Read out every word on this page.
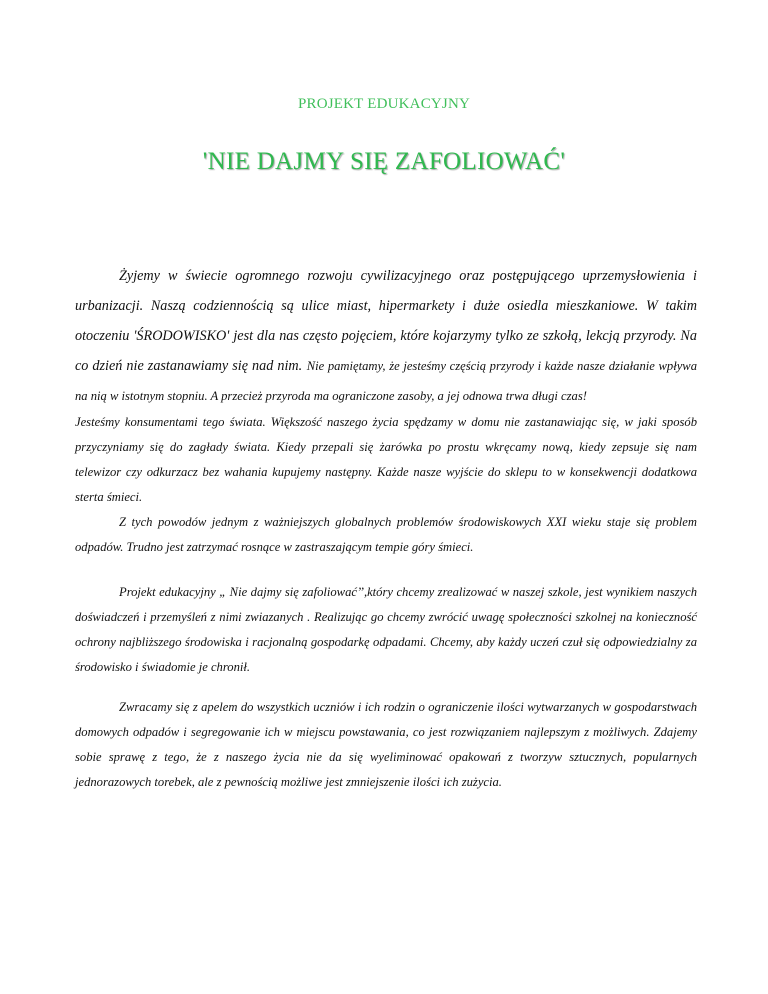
PROJEKT EDUKACYJNY
'NIE DAJMY SIĘ ZAFOLIOWAĆ'

Żyjemy w świecie ogromnego rozwoju cywilizacyjnego oraz postępującego uprzemysłowienia i urbanizacji. Naszą codziennością są ulice miast, hipermarkety i duże osiedla mieszkaniowe. W takim otoczeniu 'ŚRODOWISKO' jest dla nas często pojęciem, które kojarzymy tylko ze szkołą, lekcją przyrody. Na co dzień nie zastanawiamy się nad nim. Nie pamiętamy, że jesteśmy częścią przyrody i każde nasze działanie wpływa na nią w istotnym stopniu. A przecież przyroda ma ograniczone zasoby, a jej odnowa trwa długi czas!

Jesteśmy konsumentami tego świata. Większość naszego życia spędzamy w domu nie zastanawiając się, w jaki sposób przyczyniamy się do zagłady świata. Kiedy przepali się żarówka po prostu wkręcamy nową, kiedy zepsuje się nam telewizor czy odkurzacz bez wahania kupujemy następny. Każde nasze wyjście do sklepu to w konsekwencji dodatkowa sterta śmieci.

Z tych powodów jednym z ważniejszych globalnych problemów środowiskowych XXI wieku staje się problem odpadów. Trudno jest zatrzymać rosnące w zastraszającym tempie góry śmieci.

Projekt edukacyjny „ Nie dajmy się zafoliować’’,który chcemy zrealizować w naszej szkole, jest wynikiem naszych doświadczeń i przemyśleń z nimi zwiazanych . Realizując go chcemy zwrócić uwagę społeczności szkolnej na konieczność ochrony najbliższego środowiska i racjonalną gospodarkę odpadami. Chcemy, aby każdy uczeń czuł się odpowiedzialny za środowisko i świadomie je chronił.

Zwracamy się z apelem do wszystkich uczniów i ich rodzin o ograniczenie ilości wytwarzanych w gospodarstwach domowych odpadów i segregowanie ich w miejscu powstawania, co jest rozwiązaniem najlepszym z możliwych. Zdajemy sobie sprawę z tego, że z naszego życia nie da się wyeliminować opakowań z tworzyw sztucznych, popularnych jednorazowych torebek, ale z pewnością możliwe jest zmniejszenie ilości ich zużycia.
